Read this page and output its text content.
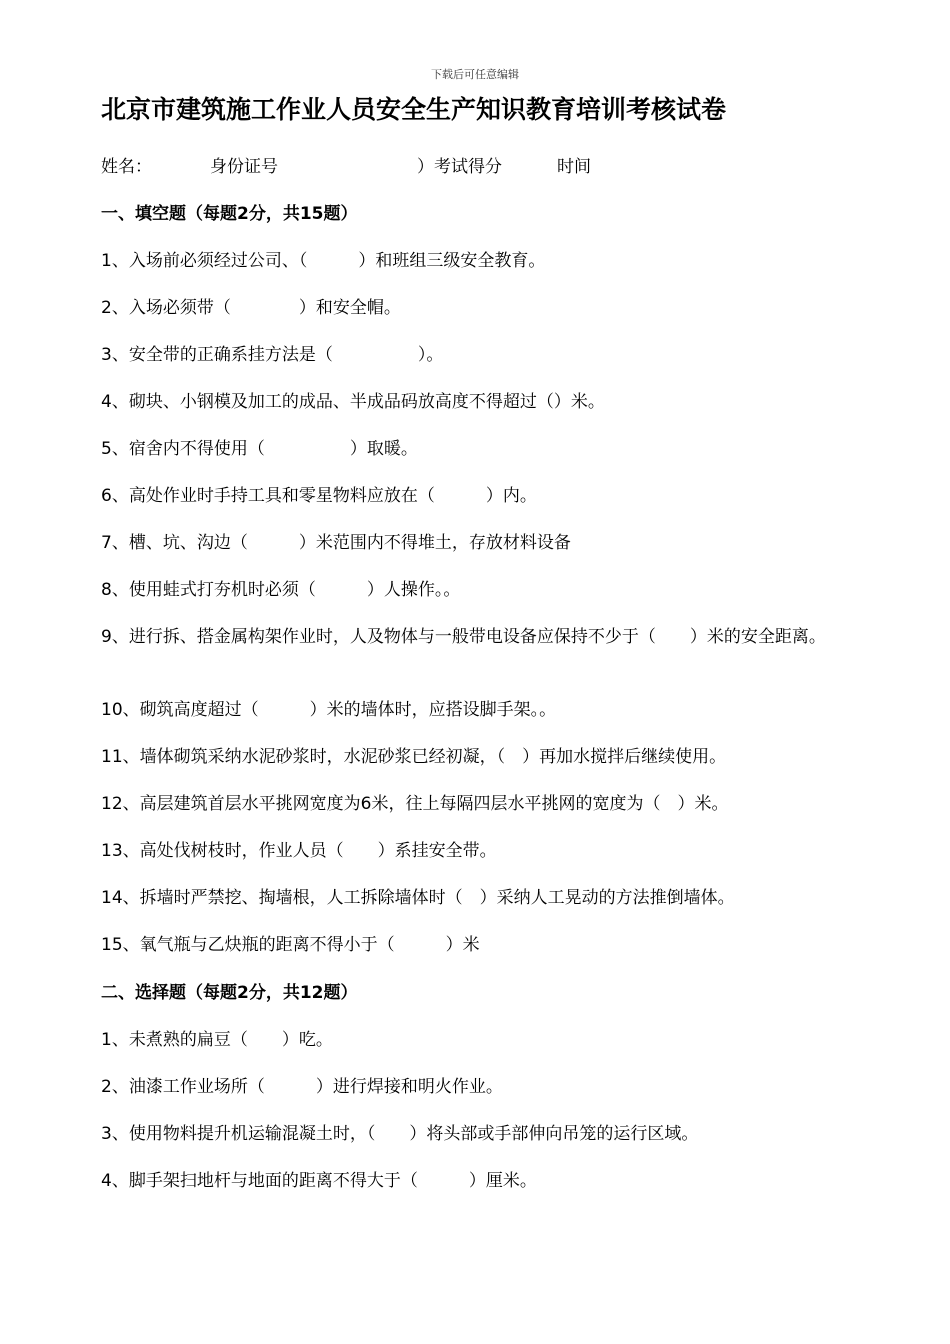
下载后可任意编辑
北京市建筑施工作业人员安全生产知识教育培训考核试卷
姓名：	身份证号	）考试得分	时间
一、填空题（每题2分，共15题）
1、入场前必须经过公司、（　　　）和班组三级安全教育。
2、入场必须带（　　　　）和安全帽。
3、安全带的正确系挂方法是（　　　　　）。
4、砌块、小钢模及加工的成品、半成品码放高度不得超过（）米。
5、宿舍内不得使用（　　　　　）取暖。
6、高处作业时手持工具和零星物料应放在（　　　）内。
7、槽、坑、沟边（　　　）米范围内不得堆土，存放材料设备
8、使用蛙式打夯机时必须（　　　）人操作。。
9、进行拆、搭金属构架作业时，人及物体与一般带电设备应保持不少于（　　）米的安全距离。
10、砌筑高度超过（　　　）米的墙体时，应搭设脚手架。。
11、墙体砌筑采纳水泥砂浆时，水泥砂浆已经初凝，（　）再加水搅拌后继续使用。
12、高层建筑首层水平挑网宽度为6米，往上每隔四层水平挑网的宽度为（　）米。
13、高处伐树枝时，作业人员（　　）系挂安全带。
14、拆墙时严禁挖、掏墙根，人工拆除墙体时（　）采纳人工晃动的方法推倒墙体。
15、氧气瓶与乙炔瓶的距离不得小于（　　　）米
二、选择题（每题2分，共12题）
1、未煮熟的扁豆（　　）吃。
2、油漆工作业场所（　　　）进行焊接和明火作业。
3、使用物料提升机运输混凝土时，（　　）将头部或手部伸向吊笼的运行区域。
4、脚手架扫地杆与地面的距离不得大于（　　　）厘米。
